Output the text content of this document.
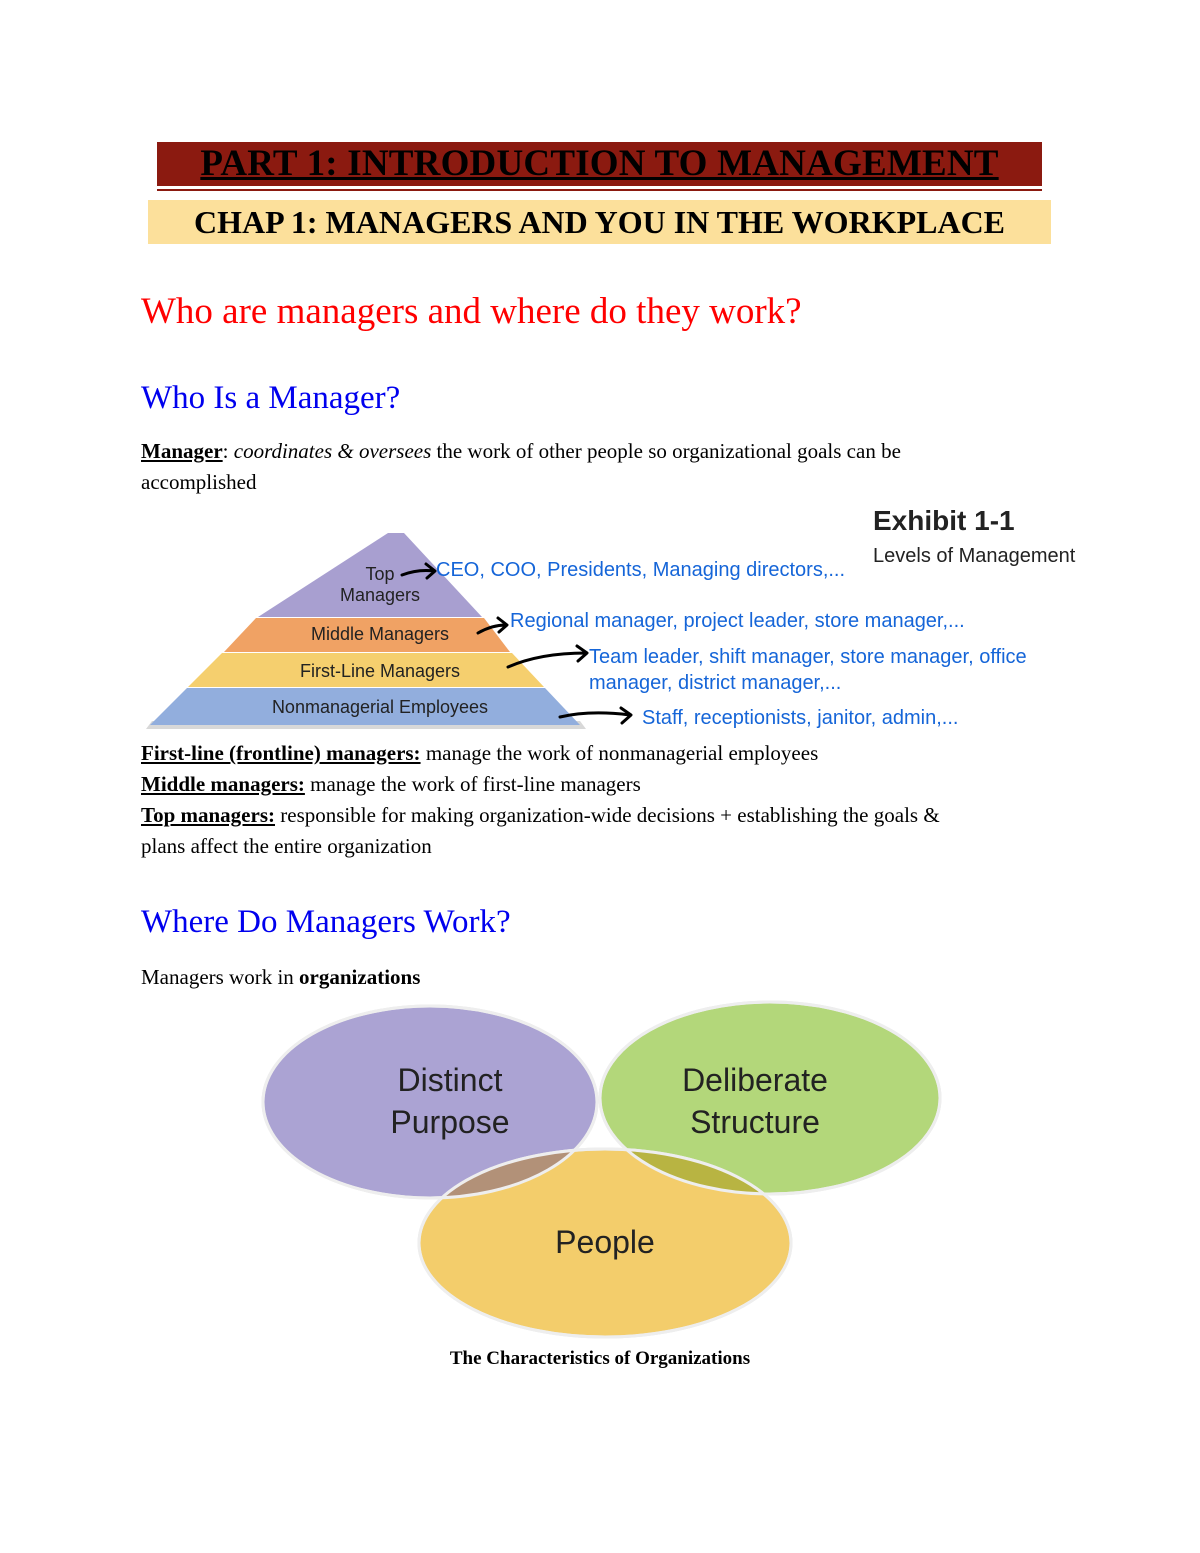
PART 1: INTRODUCTION TO MANAGEMENT
CHAP 1: MANAGERS AND YOU IN THE WORKPLACE
Who are managers and where do they work?
Who Is a Manager?
Manager: coordinates & oversees the work of other people so organizational goals can be
accomplished
Exhibit 1-1
Levels of Management
Top
Managers
Middle Managers
First-Line Managers
Nonmanagerial Employees
CEO, COO, Presidents, Managing directors,...
Regional manager, project leader, store manager,...
Team leader, shift manager, store manager, office
manager, district manager,...
Staff, receptionists, janitor, admin,...
First-line (frontline) managers: manage the work of nonmanagerial employees
Middle managers: manage the work of first-line managers
Top managers: responsible for making organization-wide decisions + establishing the goals &
plans affect the entire organization
Where Do Managers Work?
Managers work in organizations
Distinct
Purpose
Deliberate
Structure
People
The Characteristics of Organizations
